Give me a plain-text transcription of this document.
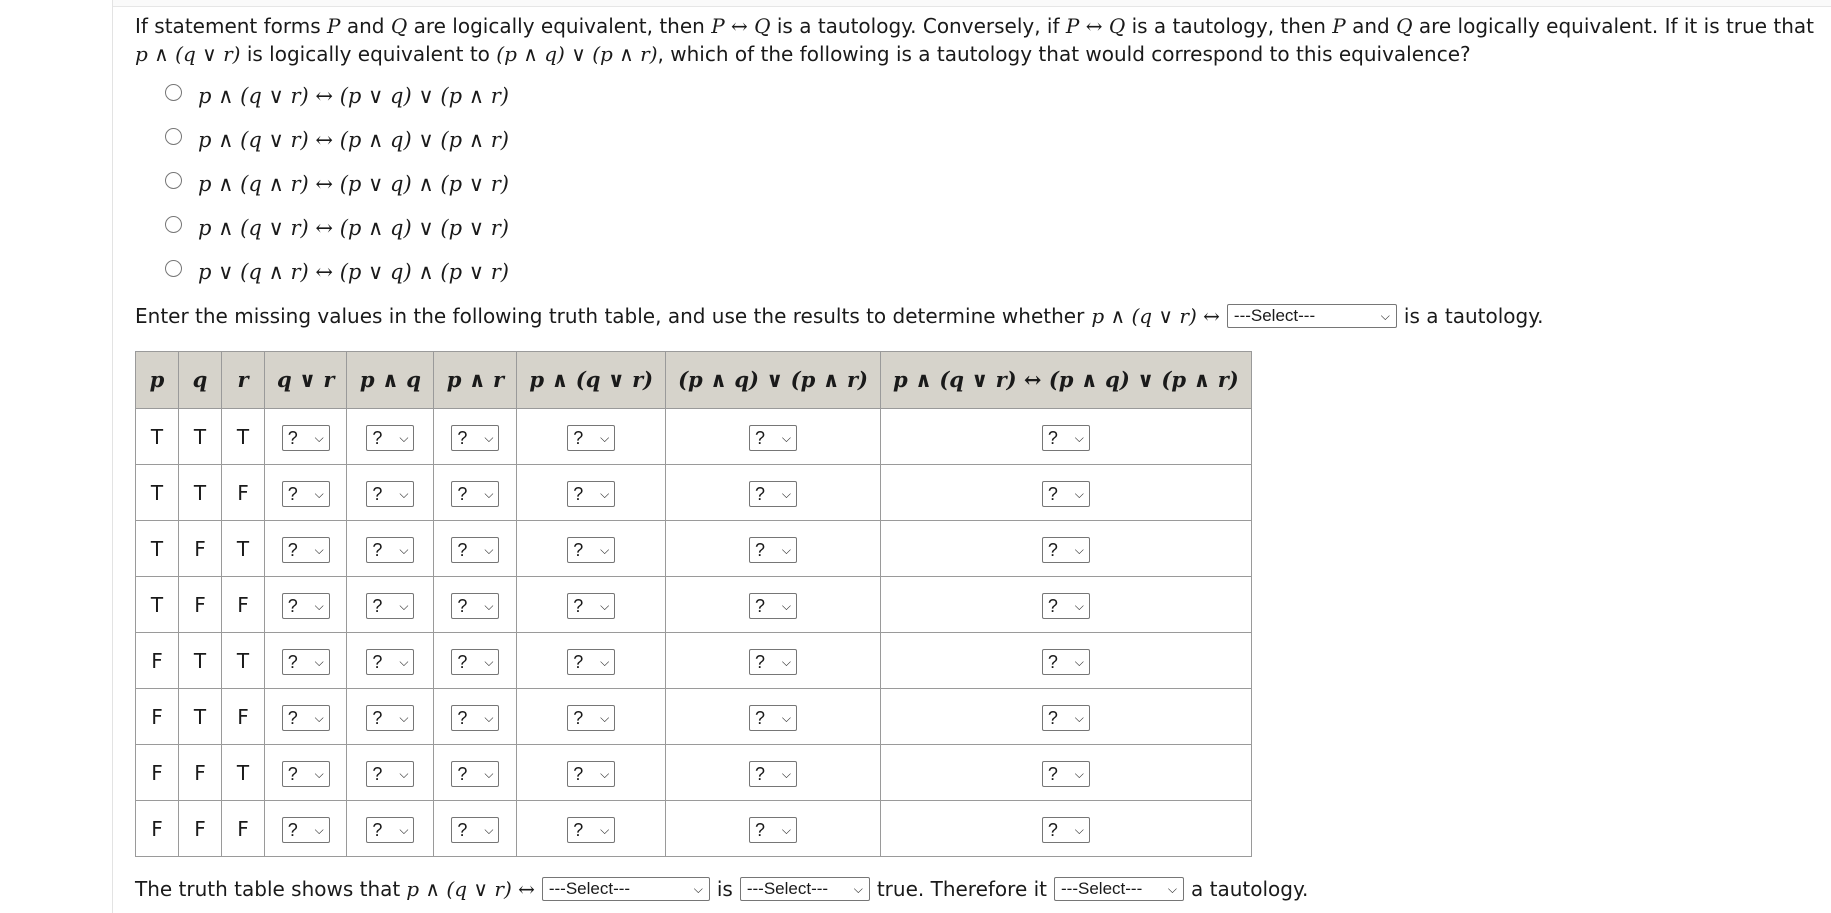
If statement forms P and Q are logically equivalent, then P ↔ Q is a tautology. Conversely, if P ↔ Q is a tautology, then P and Q are logically equivalent. If it is true that
p ∧ (q ∨ r) is logically equivalent to (p ∧ q) ∨ (p ∧ r), which of the following is a tautology that would correspond to this equivalence?

p ∧ (q ∨ r) ↔ (p ∨ q) ∨ (p ∧ r)
p ∧ (q ∨ r) ↔ (p ∧ q) ∨ (p ∧ r)
p ∧ (q ∧ r) ↔ (p ∨ q) ∧ (p ∨ r)
p ∧ (q ∨ r) ↔ (p ∧ q) ∨ (p ∨ r)
p ∨ (q ∧ r) ↔ (p ∨ q) ∧ (p ∨ r)
Enter the missing values in the following truth table, and use the results to determine whether p ∧ (q ∨ r) ↔ ---Select---	⌵ is a tautology.
p	q	r	q ∨ r	p ∧ q	p ∧ r	p ∧ (q ∨ r)	(p ∧ q) ∨ (p ∧ r)	p ∧ (q ∨ r) ↔ (p ∧ q) ∨ (p ∧ r)
T	T	T	? ⌵	? ⌵	? ⌵	? ⌵	? ⌵	? ⌵

T	T	F	? ⌵	? ⌵	? ⌵	? ⌵	? ⌵	? ⌵

T	F	T	? ⌵	? ⌵	? ⌵	? ⌵	? ⌵	? ⌵

T	F	F	? ⌵	? ⌵	? ⌵	? ⌵	? ⌵	? ⌵

F	T	T	? ⌵	? ⌵	? ⌵	? ⌵	? ⌵	? ⌵

F	T	F	? ⌵	? ⌵	? ⌵	? ⌵	? ⌵	? ⌵

F	F	T	? ⌵	? ⌵	? ⌵	? ⌵	? ⌵	? ⌵

F	F	F	? ⌵	? ⌵	? ⌵	? ⌵	? ⌵	? ⌵
The truth table shows that p ∧ (q ∨ r) ↔ ---Select---	⌵ is ---Select--- ⌵ true. Therefore it ---Select--- ⌵ a tautology.
